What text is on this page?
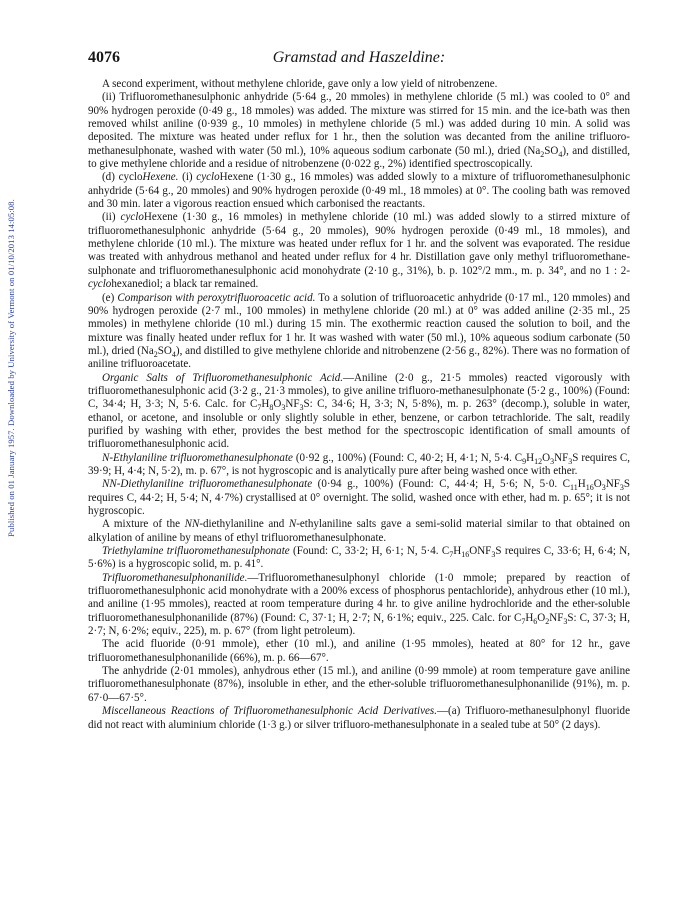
Published on 01 January 1957. Downloaded by University of Vermont on 01/10/2013 14:05:08.
4076	Gramstad and Haszeldine:

A second experiment, without methylene chloride, gave only a low yield of nitrobenzene.

(ii) Trifluoromethanesulphonic anhydride (5·64 g., 20 mmoles) in methylene chloride (5 ml.) was cooled to 0° and 90% hydrogen peroxide (0·49 g., 18 mmoles) was added. The mixture was stirred for 15 min. and the ice-bath was then removed whilst aniline (0·939 g., 10 mmoles) in methylene chloride (5 ml.) was added during 10 min. A solid was deposited. The mixture was heated under reflux for 1 hr., then the solution was decanted from the aniline trifluoro-methanesulphonate, washed with water (50 ml.), 10% aqueous sodium carbonate (50 ml.), dried $(Na_2SO_4)$, and distilled, to give methylene chloride and a residue of nitrobenzene (0·022 g., 2%) identified spectroscopically.

(d) cycloHexene. (i) cycloHexene (1·30 g., 16 mmoles) was added slowly to a mixture of trifluoromethanesulphonic anhydride (5·64 g., 20 mmoles) and 90% hydrogen peroxide (0·49 ml., 18 mmoles) at 0°. The cooling bath was removed and 30 min. later a vigorous reaction ensued which carbonised the reactants.

(ii) cycloHexene (1·30 g., 16 mmoles) in methylene chloride (10 ml.) was added slowly to a stirred mixture of trifluoromethanesulphonic anhydride (5·64 g., 20 mmoles), 90% hydrogen peroxide (0·49 ml., 18 mmoles), and methylene chloride (10 ml.). The mixture was heated under reflux for 1 hr. and the solvent was evaporated. The residue was treated with anhydrous methanol and heated under reflux for 4 hr. Distillation gave only methyl trifluoromethane-sulphonate and trifluoromethanesulphonic acid monohydrate (2·10 g., 31%), b. p. 102°/2 mm., m. p. 34°, and no 1 : 2-cyclohexanediol; a black tar remained.

(e) Comparison with peroxytrifluoroacetic acid. To a solution of trifluoroacetic anhydride (0·17 ml., 120 mmoles) and 90% hydrogen peroxide (2·7 ml., 100 mmoles) in methylene chloride (20 ml.) at 0° was added aniline (2·35 ml., 25 mmoles) in methylene chloride (10 ml.) during 15 min. The exothermic reaction caused the solution to boil, and the mixture was finally heated under reflux for 1 hr. It was washed with water (50 ml.), 10% aqueous sodium carbonate (50 ml.), dried $(Na_2SO_4)$, and distilled to give methylene chloride and nitrobenzene (2·56 g., 82%). There was no formation of aniline trifluoroacetate.

Organic Salts of Trifluoromethanesulphonic Acid.—Aniline (2·0 g., 21·5 mmoles) reacted vigorously with trifluoromethanesulphonic acid (3·2 g., 21·3 mmoles), to give aniline trifluoro-methanesulphonate (5·2 g., 100%) (Found: C, 34·4; H, 3·3; N, 5·6. Calc. for $C_7H_8O_3NF_3S$: C, 34·6; H, 3·3; N, 5·8%), m. p. 263° (decomp.), soluble in water, ethanol, or acetone, and insoluble or only slightly soluble in ether, benzene, or carbon tetrachloride. The salt, readily purified by washing with ether, provides the best method for the spectroscopic identification of small amounts of trifluoromethanesulphonic acid.

N-Ethylaniline trifluoromethanesulphonate (0·92 g., 100%) (Found: C, 40·2; H, 4·1; N, 5·4. $C_9H_{12}O_3NF_3S$ requires C, 39·9; H, 4·4; N, 5·2), m. p. 67°, is not hygroscopic and is analytically pure after being washed once with ether.

NN-Diethylaniline trifluoromethanesulphonate (0·94 g., 100%) (Found: C, 44·4; H, 5·6; N, 5·0. $C_{11}H_{16}O_3NF_3S$ requires C, 44·2; H, 5·4; N, 4·7%) crystallised at 0° overnight. The solid, washed once with ether, had m. p. 65°; it is not hygroscopic.

A mixture of the NN-diethylaniline and N-ethylaniline salts gave a semi-solid material similar to that obtained on alkylation of aniline by means of ethyl trifluoromethanesulphonate.

Triethylamine trifluoromethanesulphonate (Found: C, 33·2; H, 6·1; N, 5·4. $C_7H_{16}ONF_3S$ requires C, 33·6; H, 6·4; N, 5·6%) is a hygroscopic solid, m. p. 41°.

Trifluoromethanesulphonanilide.—Trifluoromethanesulphonyl chloride (1·0 mmole; prepared by reaction of trifluoromethanesulphonic acid monohydrate with a 200% excess of phosphorus pentachloride), anhydrous ether (10 ml.), and aniline (1·95 mmoles), reacted at room temperature during 4 hr. to give aniline hydrochloride and the ether-soluble trifluoromethanesulphonanilide (87%) (Found: C, 37·1; H, 2·7; N, 6·1%; equiv., 225. Calc. for $C_7H_6O_2NF_3S$: C, 37·3; H, 2·7; N, 6·2%; equiv., 225), m. p. 67° (from light petroleum).

The acid fluoride (0·91 mmole), ether (10 ml.), and aniline (1·95 mmoles), heated at 80° for 12 hr., gave trifluoromethanesulphonanilide (66%), m. p. 66—67°.

The anhydride (2·01 mmoles), anhydrous ether (15 ml.), and aniline (0·99 mmole) at room temperature gave aniline trifluoromethanesulphonate (87%), insoluble in ether, and the ether-soluble trifluoromethanesulphonanilide (91%), m. p. 67·0—67·5°.

Miscellaneous Reactions of Trifluoromethanesulphonic Acid Derivatives.—(a) Trifluoro-methanesulphonyl fluoride did not react with aluminium chloride (1·3 g.) or silver trifluoro-methanesulphonate in a sealed tube at 50° (2 days).
